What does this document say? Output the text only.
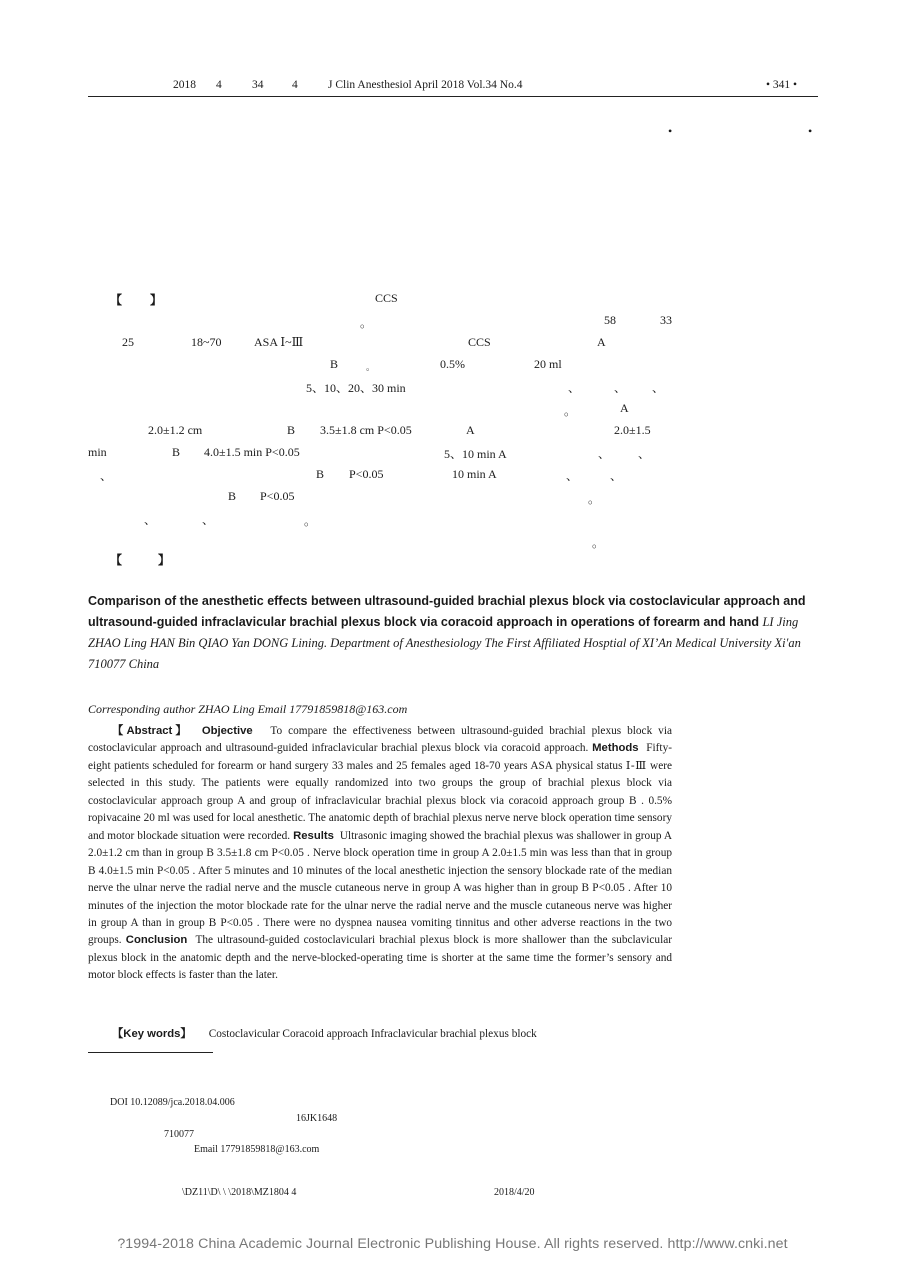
2018 4	34 4	J Clin Anesthesiol April 2018 Vol.34 No.4	• 341 •
•	•
【 】	CCS
。	58	33
25	18~70	ASA Ⅰ~Ⅲ	CCS	A
B	。	0.5%	20 ml
5、10、20、30 min	、	、 、
。	A
2.0±1.2 cm	B 3.5±1.8 cm P<0.05	A	2.0±1.5
min	B 4.0±1.5 min P<0.05	5、10 min A	、 、
、	B P<0.05	10 min A	、	、
B P<0.05	。
、	、	。
。
【	】
Comparison of the anesthetic effects between ultrasound-guided brachial plexus block via costoclavicular approach and ultrasound-guided infraclavicular brachial plexus block via coracoid approach in operations of forearm and hand LI Jing ZHAO Ling HAN Bin QIAO Yan DONG Lining. Department of Anesthesiology The First Affiliated Hosptial of XI’An Medical University Xi′an 710077 China
Corresponding author ZHAO Ling Email 17791859818@163.com

【Abstract】 Objective To compare the effectiveness between ultrasound-guided brachial plexus block via costoclavicular approach and ultrasound-guided infraclavicular brachial plexus block via coracoid approach. Methods Fifty-eight patients scheduled for forearm or hand surgery 33 males and 25 females aged 18-70 years ASA physical status Ⅰ-Ⅲ were selected in this study. The patients were equally randomized into two groups the group of brachial plexus block via costoclavicular approach group A and group of infraclavicular brachial plexus block via coracoid approach group B . 0.5% ropivacaine 20 ml was used for local anesthetic. The anatomic depth of brachial plexus nerve nerve block operation time sensory and motor blockade situation were recorded. Results Ultrasonic imaging showed the brachial plexus was shallower in group A 2.0±1.2 cm than in group B 3.5±1.8 cm P<0.05 . Nerve block operation time in group A 2.0±1.5 min was less than that in group B 4.0±1.5 min P<0.05 . After 5 minutes and 10 minutes of the local anesthetic injection the sensory blockade rate of the median nerve the ulnar nerve the radial nerve and the muscle cutaneous nerve in group A was higher than in group B P<0.05 . After 10 minutes of the injection the motor blockade rate for the ulnar nerve the radial nerve and the muscle cutaneous nerve was higher in group A than in group B P<0.05 . There were no dyspnea nausea vomiting tinnitus and other adverse reactions in the two groups. Conclusion The ultrasound-guided costoclaviculari brachial plexus block is more shallower than the subclavicular plexus block in the anatomic depth and the nerve-blocked-operating time is shorter at the same time the former’s sensory and motor block effects is faster than the later.

【Key words】 Costoclavicular Coracoid approach Infraclavicular brachial plexus block
DOI 10.12089/jca.2018.04.006
16JK1648
710077
Email 17791859818@163.com
\DZ11\D\ \ \2018\MZ1804 4	2018/4/20
?1994-2018 China Academic Journal Electronic Publishing House. All rights reserved. http://www.cnki.net
